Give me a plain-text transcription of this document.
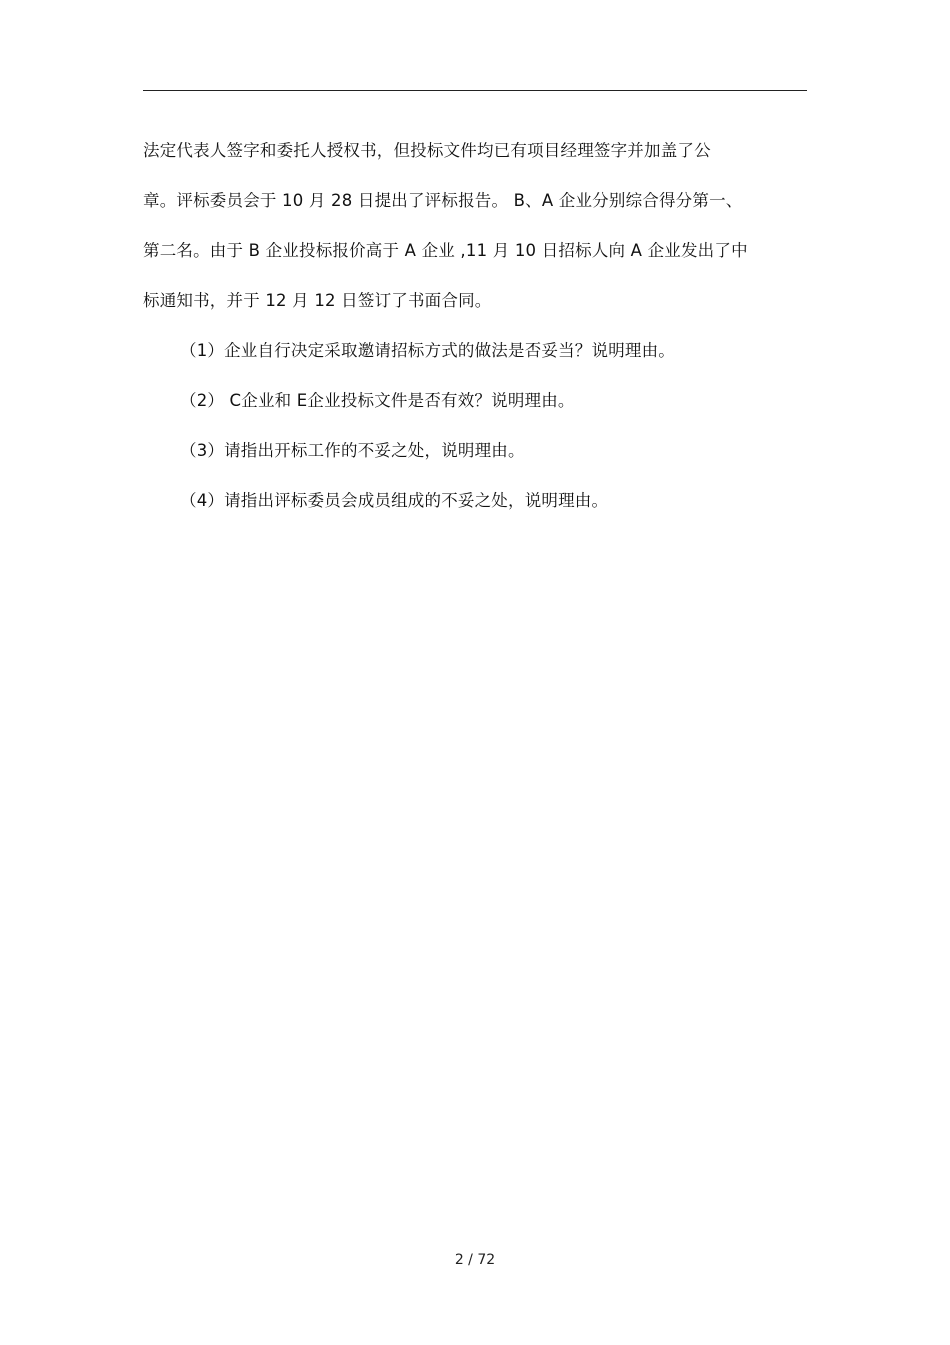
法定代表人签字和委托人授权书，但投标文件均已有项目经理签字并加盖了公
章。评标委员会于 10 月 28 日提出了评标报告。 B、A 企业分别综合得分第一、
第二名。由于 B 企业投标报价高于 A 企业 ,11 月 10 日招标人向 A 企业发出了中
标通知书，并于 12 月 12 日签订了书面合同。
（1）企业自行决定采取邀请招标方式的做法是否妥当？说明理由。
（2） C企业和 E企业投标文件是否有效？说明理由。
（3）请指出开标工作的不妥之处，说明理由。
（4）请指出评标委员会成员组成的不妥之处，说明理由。
2 / 72
